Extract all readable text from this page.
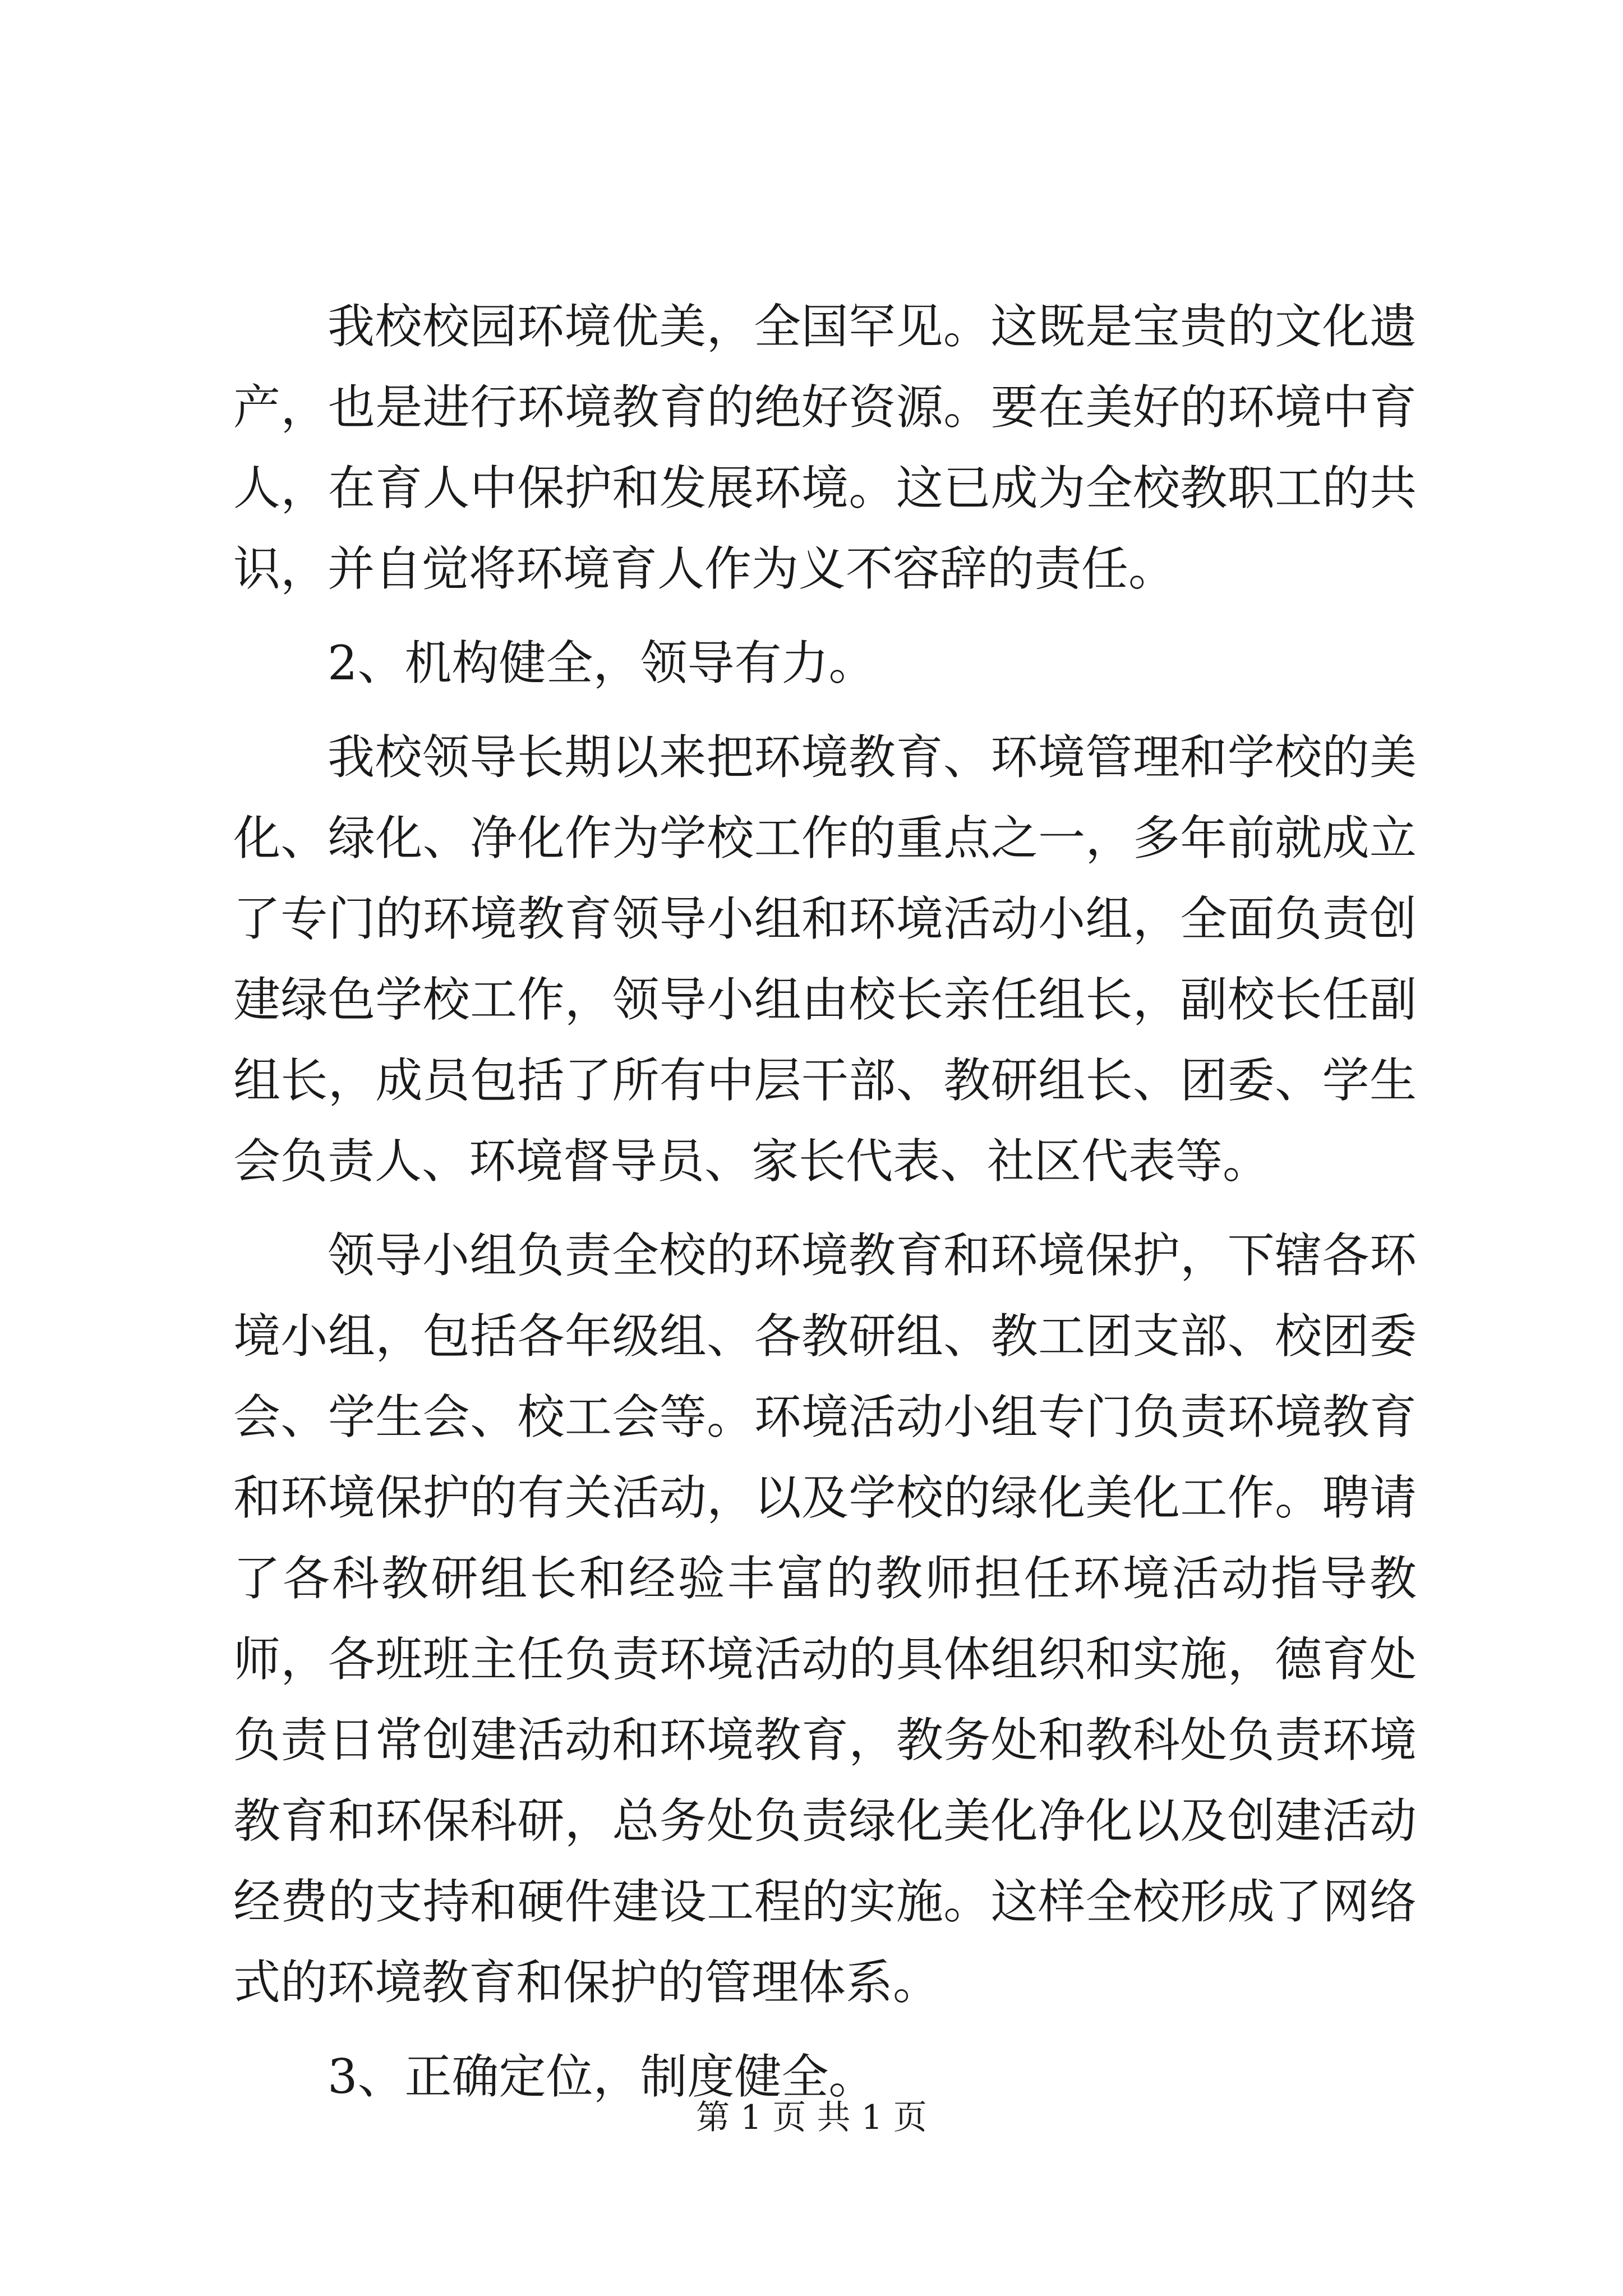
我校校园环境优美，全国罕见。这既是宝贵的文化遗产，也是进行环境教育的绝好资源。要在美好的环境中育人，在育人中保护和发展环境。这已成为全校教职工的共识，并自觉将环境育人作为义不容辞的责任。

2、机构健全，领导有力。

我校领导长期以来把环境教育、环境管理和学校的美化、绿化、净化作为学校工作的重点之一，多年前就成立了专门的环境教育领导小组和环境活动小组，全面负责创建绿色学校工作，领导小组由校长亲任组长，副校长任副组长，成员包括了所有中层干部、教研组长、团委、学生会负责人、环境督导员、家长代表、社区代表等。

领导小组负责全校的环境教育和环境保护，下辖各环境小组，包括各年级组、各教研组、教工团支部、校团委会、学生会、校工会等。环境活动小组专门负责环境教育和环境保护的有关活动，以及学校的绿化美化工作。聘请了各科教研组长和经验丰富的教师担任环境活动指导教师，各班班主任负责环境活动的具体组织和实施，德育处负责日常创建活动和环境教育，教务处和教科处负责环境教育和环保科研，总务处负责绿化美化净化以及创建活动经费的支持和硬件建设工程的实施。这样全校形成了网络式的环境教育和保护的管理体系。

3、正确定位，制度健全。

第 1 页 共 1 页
